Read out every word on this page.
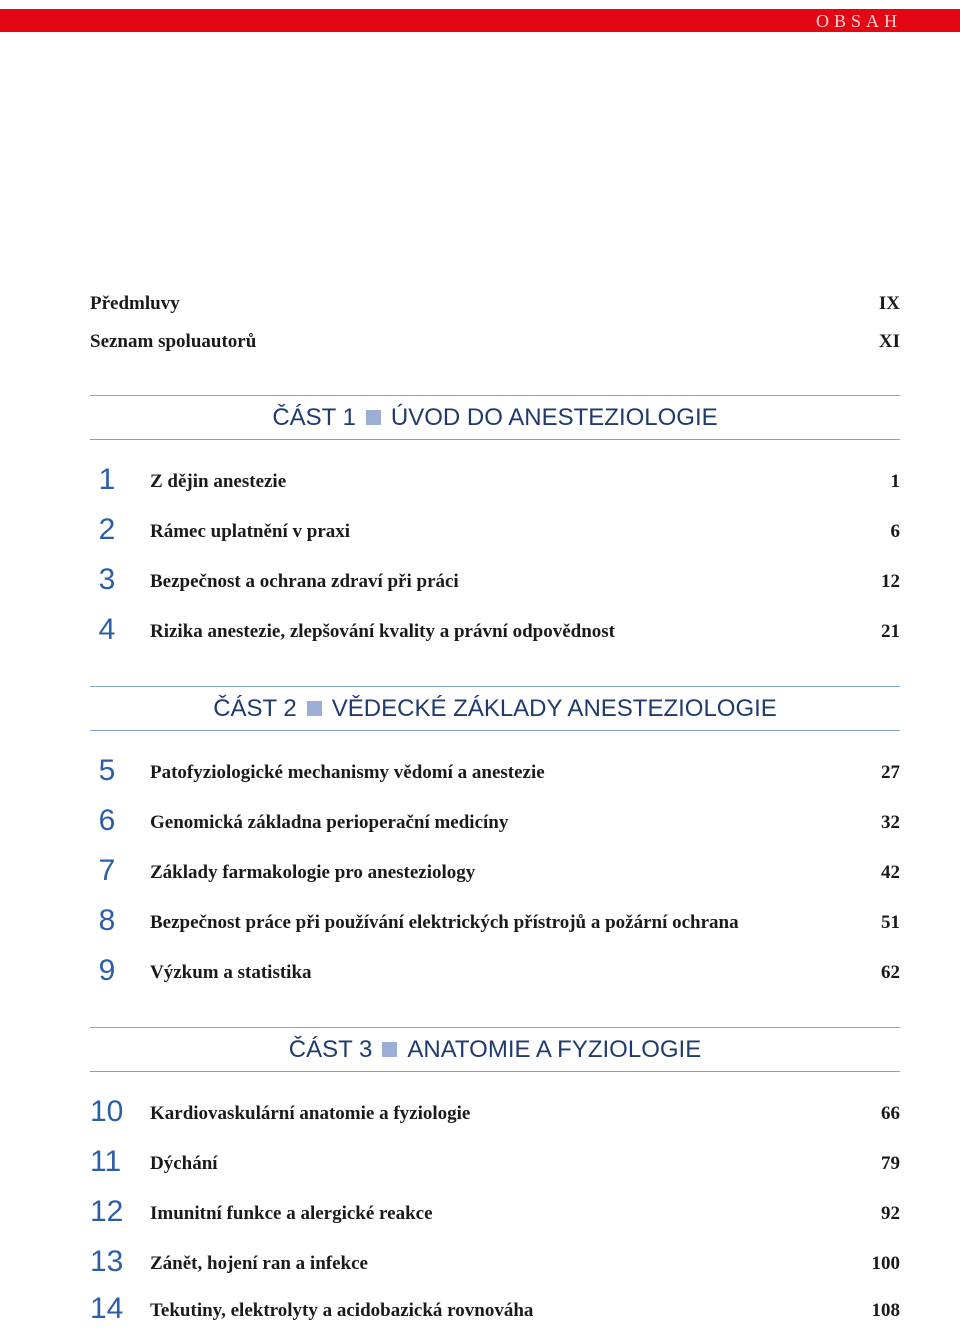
OBSAH
Předmluvy	IX
Seznam spoluautorů	XI
ČÁST 1 ÚVOD DO ANESTEZIOLOGIE
1	Z dějin anestezie	1
2	Rámec uplatnění v praxi	6
3	Bezpečnost a ochrana zdraví při práci	12
4	Rizika anestezie, zlepšování kvality a právní odpovědnost	21
ČÁST 2 VĚDECKÉ ZÁKLADY ANESTEZIOLOGIE
5	Patofyziologické mechanismy vědomí a anestezie	27
6	Genomická základna perioperační medicíny	32
7	Základy farmakologie pro anesteziology	42
8	Bezpečnost práce při používání elektrických přístrojů a požární ochrana	51
9	Výzkum a statistika	62
ČÁST 3 ANATOMIE A FYZIOLOGIE
10 Kardiovaskulární anatomie a fyziologie	66
11 Dýchání	79
12 Imunitní funkce a alergické reakce	92
13 Zánět, hojení ran a infekce	100
14 Tekutiny, elektrolyty a acidobazická rovnováha	108
